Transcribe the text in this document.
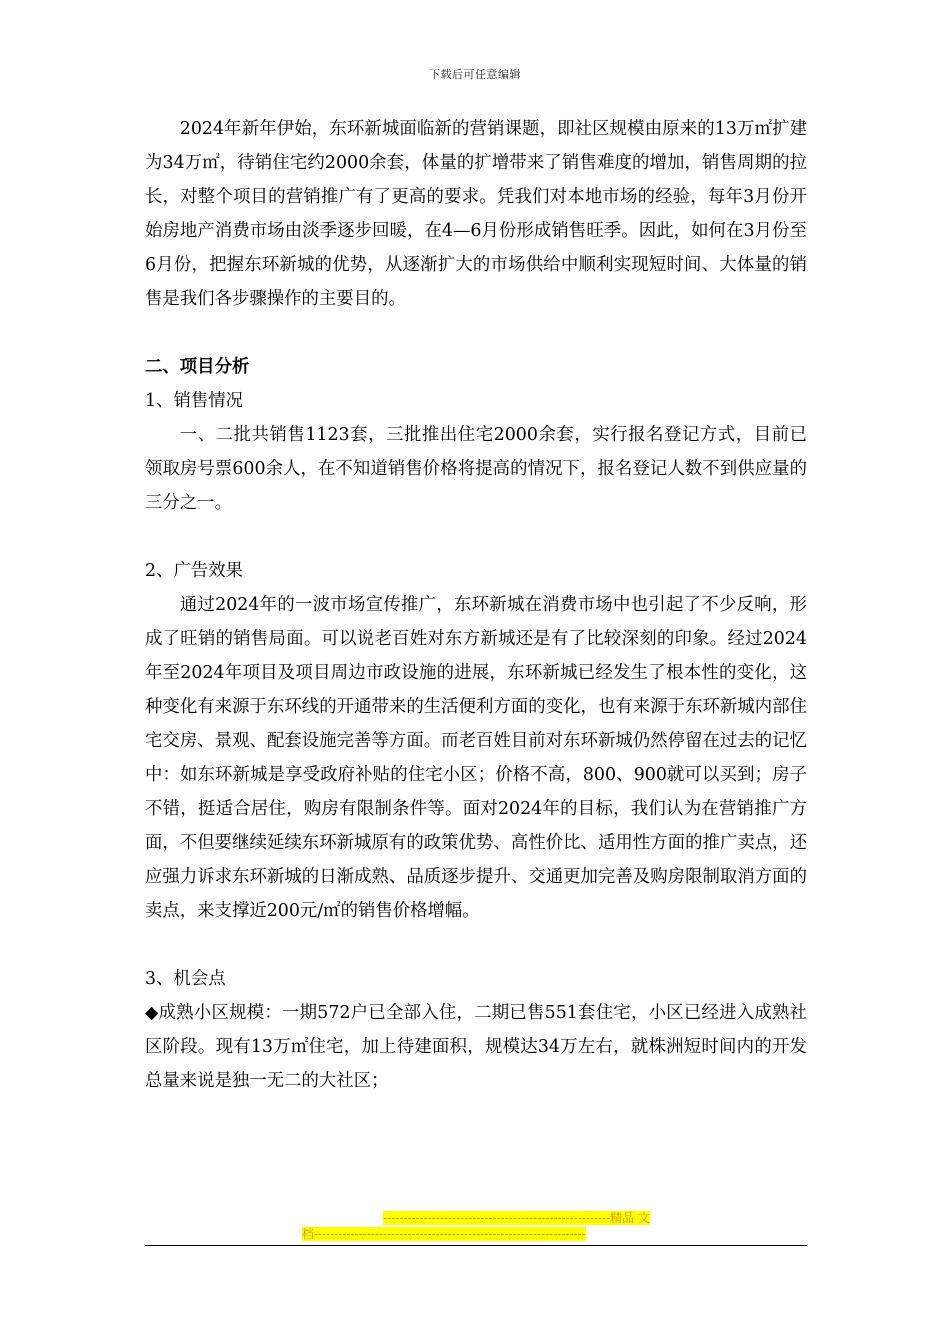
下载后可任意编辑

2024年新年伊始，东环新城面临新的营销课题，即社区规模由原来的13万㎡扩建为34万㎡，待销住宅约2000余套，体量的扩增带来了销售难度的增加，销售周期的拉长，对整个项目的营销推广有了更高的要求。凭我们对本地市场的经验，每年3月份开始房地产消费市场由淡季逐步回暖，在4—6月份形成销售旺季。因此，如何在3月份至6月份，把握东环新城的优势，从逐渐扩大的市场供给中顺利实现短时间、大体量的销售是我们各步骤操作的主要目的。

二、项目分析

1、销售情况

一、二批共销售1123套，三批推出住宅2000余套，实行报名登记方式，目前已领取房号票600余人，在不知道销售价格将提高的情况下，报名登记人数不到供应量的三分之一。

2、广告效果

通过2024年的一波市场宣传推广，东环新城在消费市场中也引起了不少反响，形成了旺销的销售局面。可以说老百姓对东方新城还是有了比较深刻的印象。经过2024年至2024年项目及项目周边市政设施的进展，东环新城已经发生了根本性的变化，这种变化有来源于东环线的开通带来的生活便利方面的变化，也有来源于东环新城内部住宅交房、景观、配套设施完善等方面。而老百姓目前对东环新城仍然停留在过去的记忆中：如东环新城是享受政府补贴的住宅小区；价格不高，800、900就可以买到；房子不错，挺适合居住，购房有限制条件等。面对2024年的目标，我们认为在营销推广方面，不但要继续延续东环新城原有的政策优势、高性价比、适用性方面的推广卖点，还应强力诉求东环新城的日渐成熟、品质逐步提升、交通更加完善及购房限制取消方面的卖点，来支撑近200元/㎡的销售价格增幅。

3、机会点

◆成熟小区规模：一期572户已全部入住，二期已售551套住宅，小区已经进入成熟社区阶段。现有13万㎡住宅，加上待建面积，规模达34万左右，就株洲短时间内的开发总量来说是独一无二的大社区；

--------------------------------------------------------精品 文
档-------------------------------------------------------------------
